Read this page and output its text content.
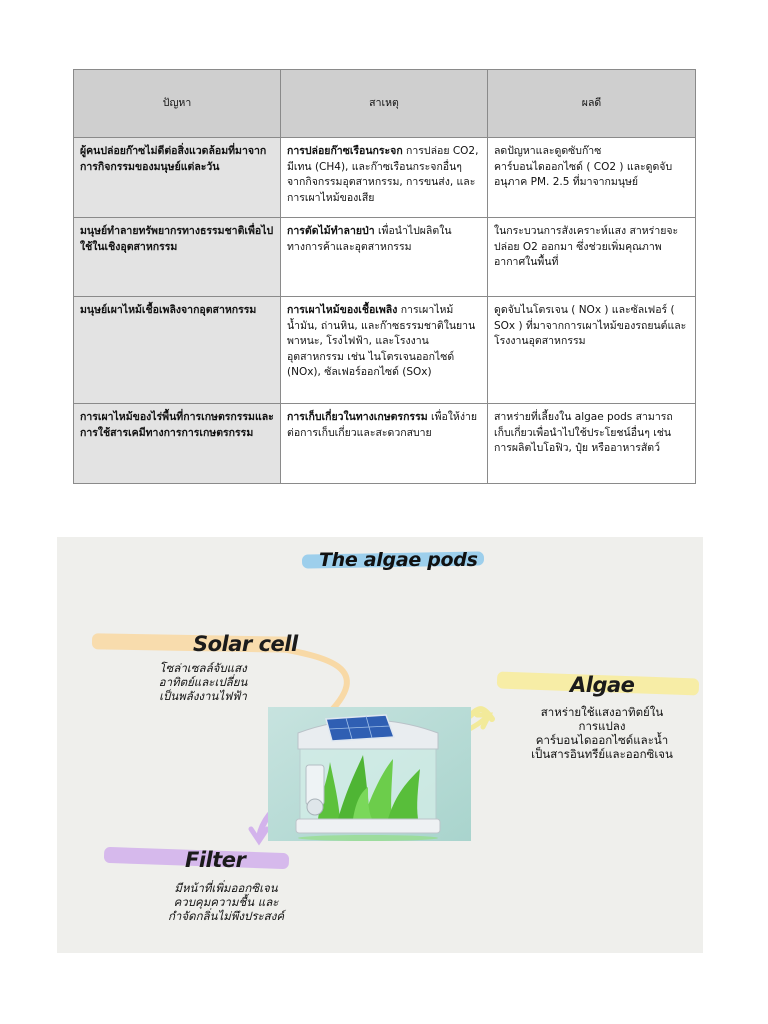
ปัญหา	สาเหตุ	ผลดี
ผู้คนปล่อยก๊าซไม่ดีต่อสิ่งแวดล้อมที่มาจากการกิจกรรมของมนุษย์แต่ละวัน	การปล่อยก๊าซเรือนกระจก การปล่อย CO2, มีเทน (CH4), และก๊าซเรือนกระจกอื่นๆ จากกิจกรรมอุตสาหกรรม, การขนส่ง, และการเผาไหม้ของเสีย	ลดปัญหาและดูดซับก๊าซคาร์บอนไดออกไซด์ ( CO2 ) และดูดจับอนุภาค PM. 2.5 ที่มาจากมนุษย์
มนุษย์ทำลายทรัพยากรทางธรรมชาติเพื่อไปใช้ในเชิงอุตสาหกรรม	การตัดไม้ทำลายป่า เพื่อนำไปผลิตในทางการค้าและอุตสาหกรรม	ในกระบวนการสังเคราะห์แสง สาหร่ายจะปล่อย O2 ออกมา ซึ่งช่วยเพิ่มคุณภาพอากาศในพื้นที่
มนุษย์เผาไหม้เชื้อเพลิงจากอุตสาหกรรม	การเผาไหม้ของเชื้อเพลิง การเผาไหม้น้ำมัน, ถ่านหิน, และก๊าซธรรมชาติในยานพาหนะ, โรงไฟฟ้า, และโรงงานอุตสาหกรรม เช่น ไนโตรเจนออกไซด์ (NOx), ซัลเฟอร์ออกไซด์ (SOx)	ดูดจับไนโตรเจน ( NOx ) และซัลเฟอร์ ( SOx ) ที่มาจากการเผาไหม้ของรถยนต์และโรงงานอุตสาหกรรม
การเผาไหม้ของไร่พื้นที่การเกษตรกรรมและการใช้สารเคมีทางการการเกษตรกรรม	การเก็บเกี่ยวในทางเกษตรกรรม เพื่อให้ง่ายต่อการเก็บเกี่ยวและสะดวกสบาย	สาหร่ายที่เลี้ยงใน algae pods สามารถเก็บเกี่ยวเพื่อนำไปใช้ประโยชน์อื่นๆ เช่น การผลิตไบโอฟิว, ปุ๋ย หรืออาหารสัตว์
The algae pods
Solar cell
โซล่าเซลล์จับแสงอาทิตย์และเปลี่ยนเป็นพลังงานไฟฟ้า	Algae
สาหร่ายใช้แสงอาทิตย์ในการแปลงคาร์บอนไดออกไซด์และน้ำเป็นสารอินทรีย์และออกซิเจน
Filter
มีหน้าที่เพิ่มออกซิเจนควบคุมความชื้น และกำจัดกลิ่นไม่พึงประสงค์
